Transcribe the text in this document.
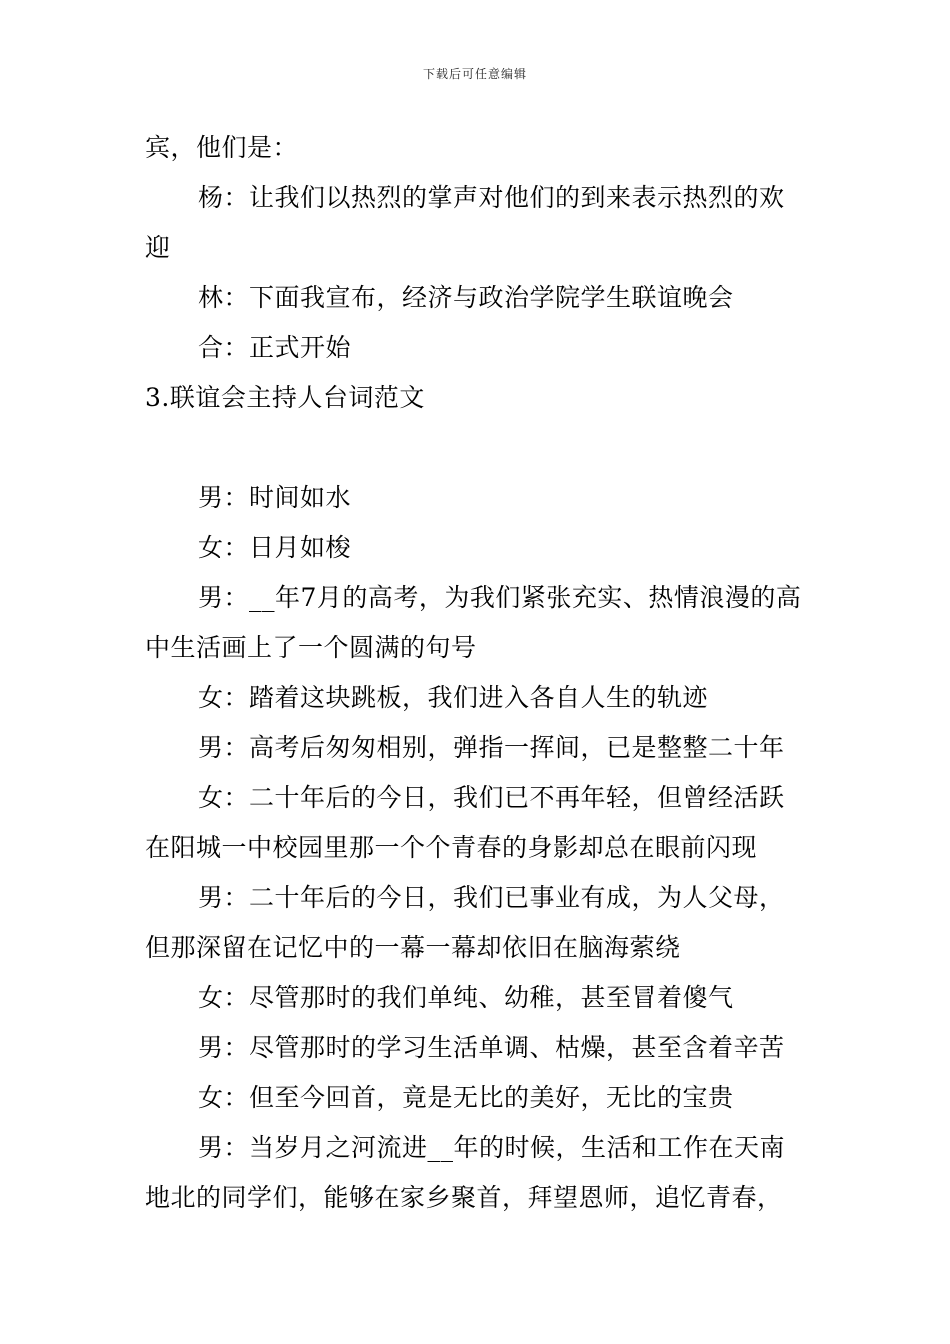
下载后可任意编辑
宾，他们是：
杨：让我们以热烈的掌声对他们的到来表示热烈的欢
迎
林：下面我宣布，经济与政治学院学生联谊晚会
合：正式开始
3.联谊会主持人台词范文
男：时间如水
女：日月如梭
男：__年7月的高考，为我们紧张充实、热情浪漫的高
中生活画上了一个圆满的句号
女：踏着这块跳板，我们进入各自人生的轨迹
男：高考后匆匆相别，弹指一挥间，已是整整二十年
女：二十年后的今日，我们已不再年轻，但曾经活跃
在阳城一中校园里那一个个青春的身影却总在眼前闪现
男：二十年后的今日，我们已事业有成，为人父母，
但那深留在记忆中的一幕一幕却依旧在脑海萦绕
女：尽管那时的我们单纯、幼稚，甚至冒着傻气
男：尽管那时的学习生活单调、枯燥，甚至含着辛苦
女：但至今回首，竟是无比的美好，无比的宝贵
男：当岁月之河流进__年的时候，生活和工作在天南
地北的同学们，能够在家乡聚首，拜望恩师，追忆青春，
